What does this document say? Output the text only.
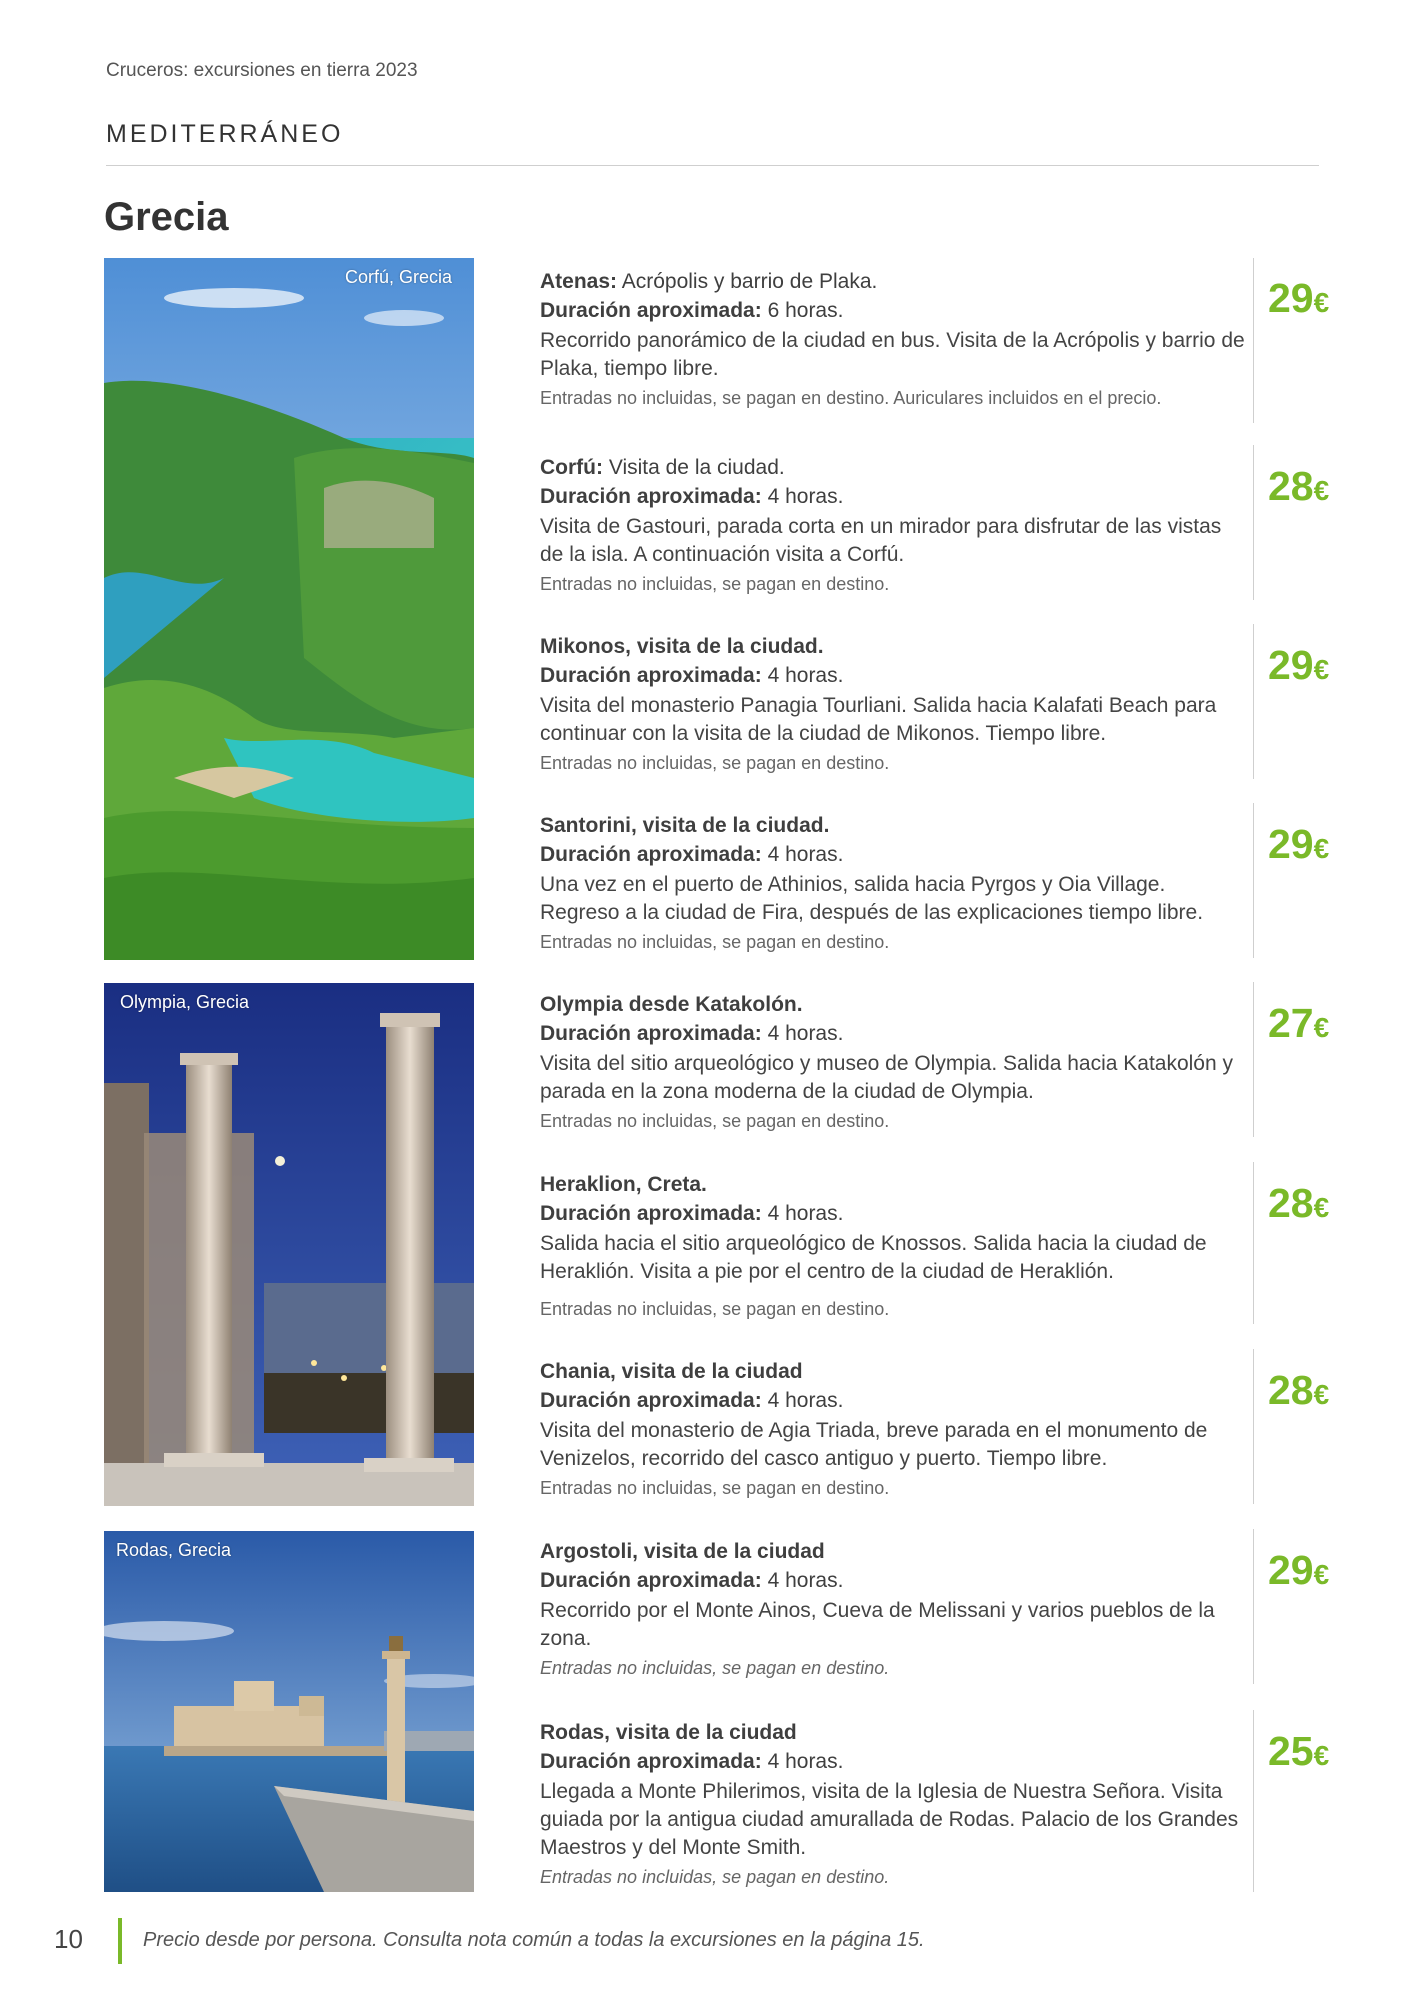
Cruceros: excursiones en tierra 2023
MEDITERRÁNEO
Grecia
Corfú, Grecia
Olympia, Grecia
Rodas, Grecia

Atenas: Acrópolis y barrio de Plaka.

Duración aproximada: 6 horas.

Recorrido panorámico de la ciudad en bus. Visita de la Acrópolis y barrio de Plaka, tiempo libre.

Entradas no incluidas, se pagan en destino. Auriculares incluidos en el precio.

29€

Corfú: Visita de la ciudad.

Duración aproximada: 4 horas.

Visita de Gastouri, parada corta en un mirador para disfrutar de las vistas de la isla. A continuación visita a Corfú.

Entradas no incluidas, se pagan en destino.

28€

Mikonos, visita de la ciudad.

Duración aproximada: 4 horas.

Visita del monasterio Panagia Tourliani. Salida hacia Kalafati Beach para continuar con la visita de la ciudad de Mikonos. Tiempo libre.

Entradas no incluidas, se pagan en destino.

29€

Santorini, visita de la ciudad.

Duración aproximada: 4 horas.

Una vez en el puerto de Athinios, salida hacia Pyrgos y Oia Village. Regreso a la ciudad de Fira, después de las explicaciones tiempo libre.

Entradas no incluidas, se pagan en destino.

29€

Olympia desde Katakolón.

Duración aproximada: 4 horas.

Visita del sitio arqueológico y museo de Olympia. Salida hacia Katakolón y parada en la zona moderna de la ciudad de Olympia.

Entradas no incluidas, se pagan en destino.

27€

Heraklion, Creta.

Duración aproximada: 4 horas.

Salida hacia el sitio arqueológico de Knossos. Salida hacia la ciudad de Heraklión. Visita a pie por el centro de la ciudad de Heraklión.

Entradas no incluidas, se pagan en destino.

28€

Chania, visita de la ciudad

Duración aproximada: 4 horas.

Visita del monasterio de Agia Triada, breve parada en el monumento de Venizelos, recorrido del casco antiguo y puerto. Tiempo libre.

Entradas no incluidas, se pagan en destino.

28€

Argostoli, visita de la ciudad

Duración aproximada: 4 horas.

Recorrido por el Monte Ainos, Cueva de Melissani y varios pueblos de la zona.

Entradas no incluidas, se pagan en destino.

29€

Rodas, visita de la ciudad

Duración aproximada: 4 horas.

Llegada a Monte Philerimos, visita de la Iglesia de Nuestra Señora. Visita guiada por la antigua ciudad amurallada de Rodas. Palacio de los Grandes Maestros y del Monte Smith.

Entradas no incluidas, se pagan en destino.

25€
10	Precio desde por persona. Consulta nota común a todas la excursiones en la página 15.
